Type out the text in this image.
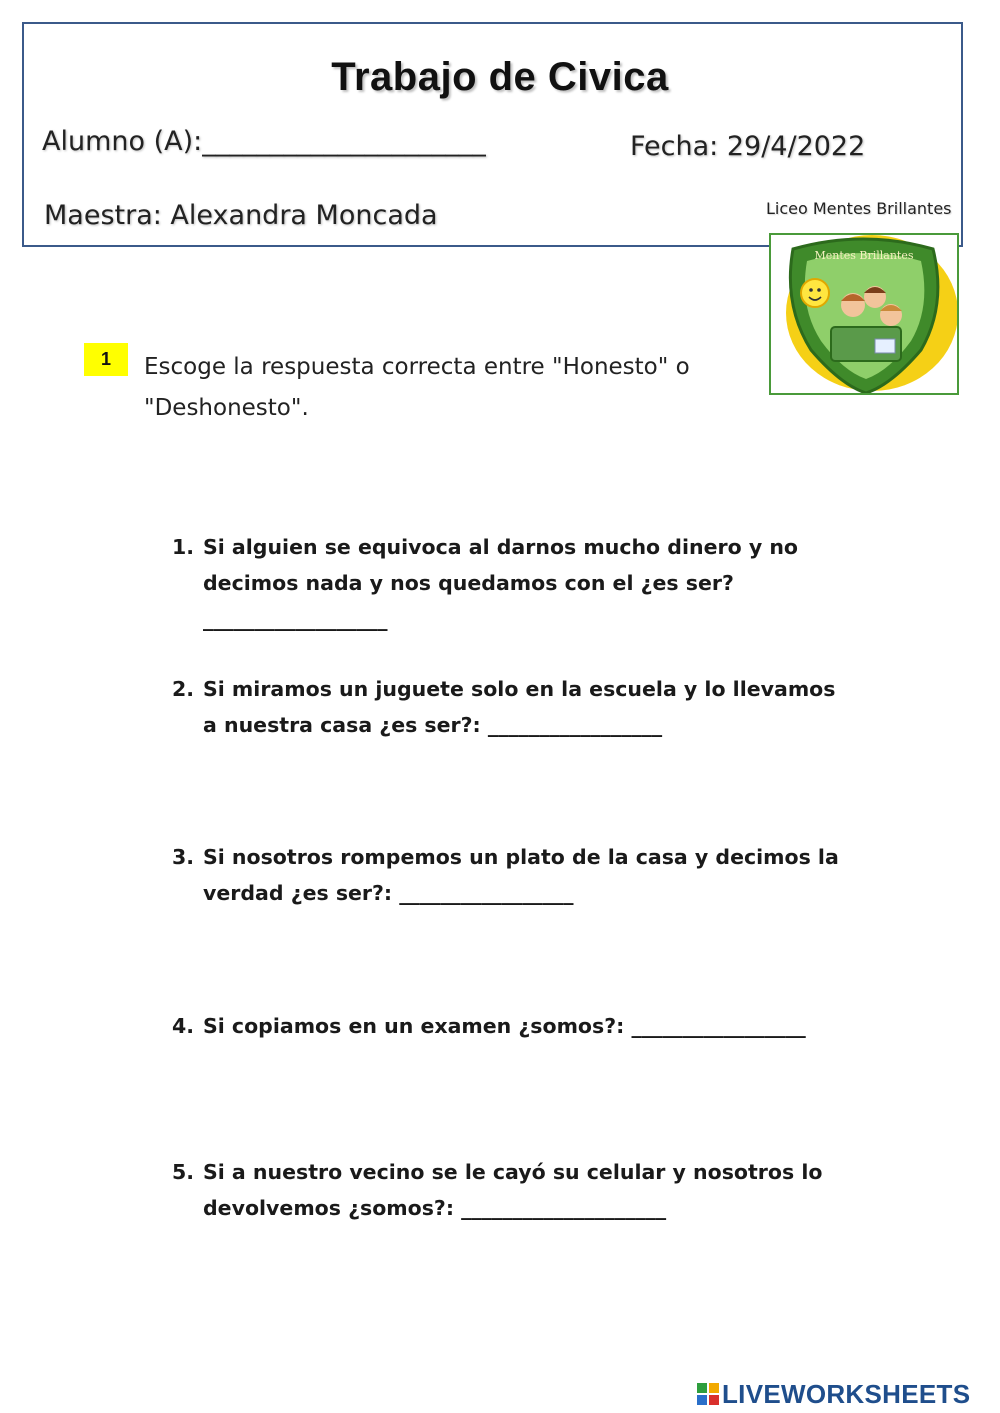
Trabajo de Civica
Alumno (A):_____________________	Fecha: 29/4/2022
Maestra: Alexandra Moncada	Liceo Mentes Brillantes
Mentes Brillantes
1	Escoge la respuesta correcta entre "Honesto" o "Deshonesto".
1. Si alguien se equivoca al darnos mucho dinero y no decimos nada y nos quedamos con el ¿es ser? __________________
2. Si miramos un juguete solo en la escuela y lo llevamos a nuestra casa ¿es ser?: _________________
3. Si nosotros rompemos un plato de la casa y decimos la verdad ¿es ser?: _________________
4. Si copiamos en un examen ¿somos?: _________________
5. Si a nuestro vecino se le cayó su celular y nosotros lo devolvemos ¿somos?: ____________________
LIVEWORKSHEETS
